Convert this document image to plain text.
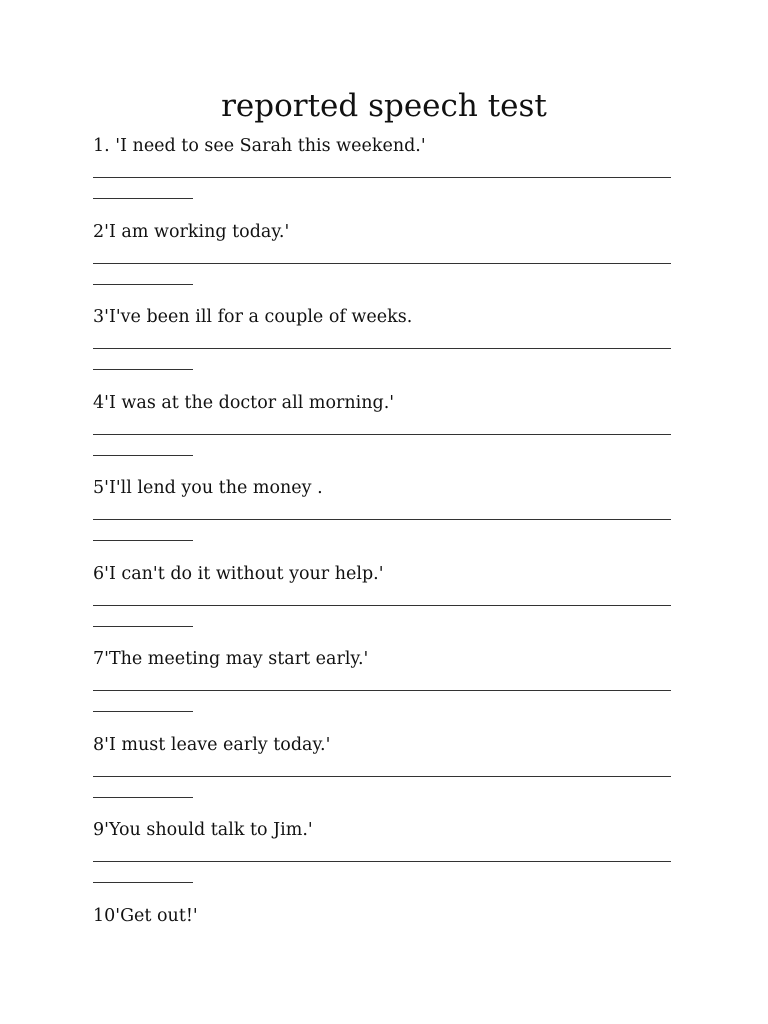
reported speech test

1. 'I need to see Sarah this weekend.'

2'I am working today.'

3'I've been ill for a couple of weeks.

4'I was at the doctor all morning.'

5'I'll lend you the money .

6'I can't do it without your help.'

7'The meeting may start early.'

8'I must leave early today.'

9'You should talk to Jim.'

10'Get out!'
